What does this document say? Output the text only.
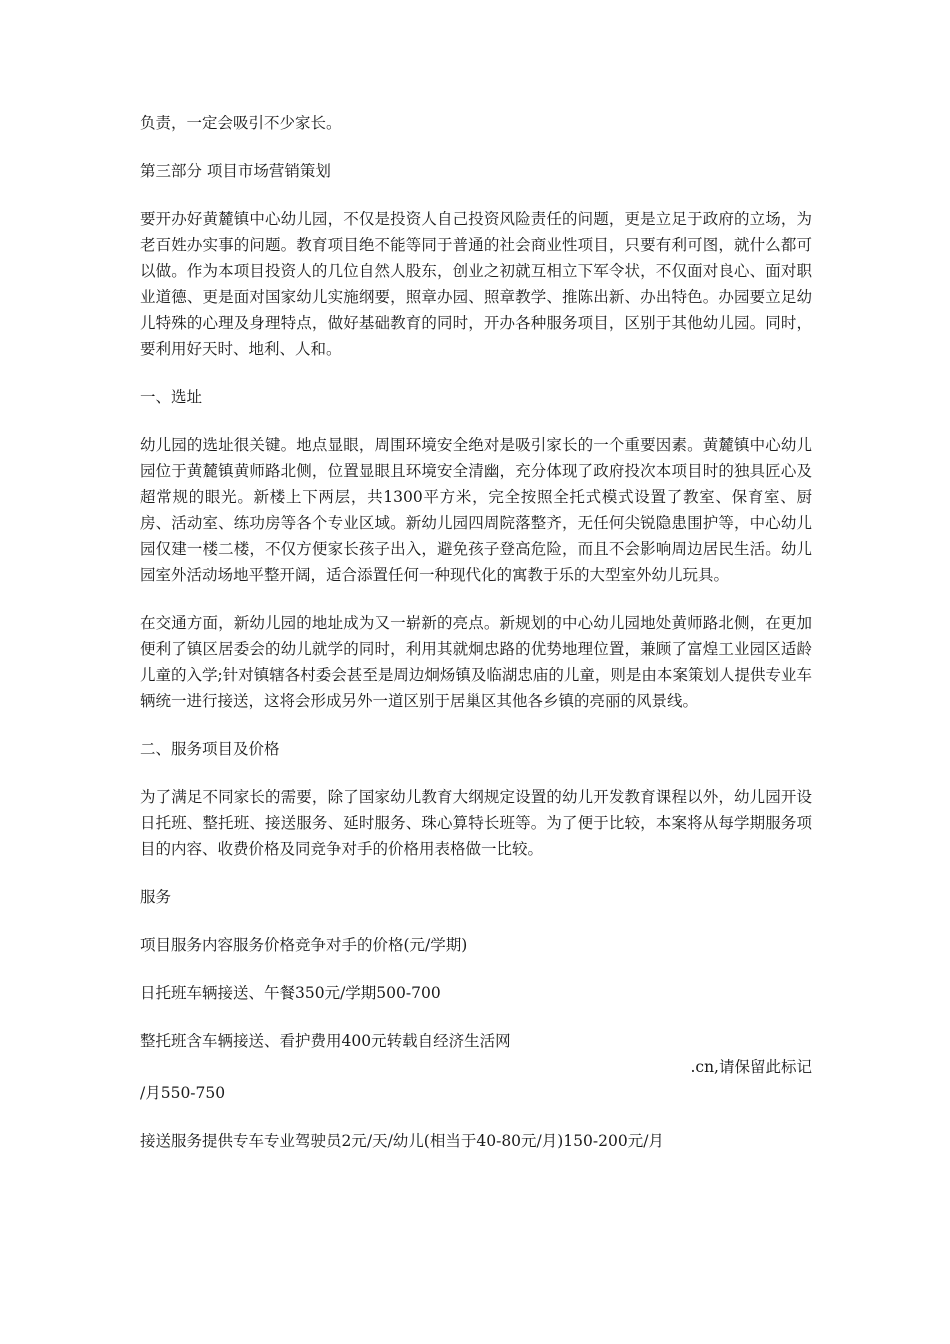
负责，一定会吸引不少家长。

第三部分 项目市场营销策划

要开办好黄麓镇中心幼儿园，不仅是投资人自己投资风险责任的问题，更是立足于政府的立场，为老百姓办实事的问题。教育项目绝不能等同于普通的社会商业性项目，只要有利可图，就什么都可以做。作为本项目投资人的几位自然人股东，创业之初就互相立下军令状，不仅面对良心、面对职业道德、更是面对国家幼儿实施纲要，照章办园、照章教学、推陈出新、办出特色。办园要立足幼儿特殊的心理及身理特点，做好基础教育的同时，开办各种服务项目，区别于其他幼儿园。同时，要利用好天时、地利、人和。

一、选址

幼儿园的选址很关键。地点显眼，周围环境安全绝对是吸引家长的一个重要因素。黄麓镇中心幼儿园位于黄麓镇黄师路北侧，位置显眼且环境安全清幽，充分体现了政府投次本项目时的独具匠心及超常规的眼光。新楼上下两层，共1300平方米，完全按照全托式模式设置了教室、保育室、厨房、活动室、练功房等各个专业区域。新幼儿园四周院落整齐，无任何尖锐隐患围护等，中心幼儿园仅建一楼二楼，不仅方便家长孩子出入，避免孩子登高危险，而且不会影响周边居民生活。幼儿园室外活动场地平整开阔，适合添置任何一种现代化的寓教于乐的大型室外幼儿玩具。

在交通方面，新幼儿园的地址成为又一崭新的亮点。新规划的中心幼儿园地处黄师路北侧，在更加便利了镇区居委会的幼儿就学的同时，利用其就炯忠路的优势地理位置，兼顾了富煌工业园区适龄儿童的入学;针对镇辖各村委会甚至是周边炯炀镇及临湖忠庙的儿童，则是由本案策划人提供专业车辆统一进行接送，这将会形成另外一道区别于居巢区其他各乡镇的亮丽的风景线。

二、服务项目及价格

为了满足不同家长的需要，除了国家幼儿教育大纲规定设置的幼儿开发教育课程以外，幼儿园开设日托班、整托班、接送服务、延时服务、珠心算特长班等。为了便于比较，本案将从每学期服务项目的内容、收费价格及同竞争对手的价格用表格做一比较。

服务

项目服务内容服务价格竞争对手的价格(元/学期)

日托班车辆接送、午餐350元/学期500-700

整托班含车辆接送、看护费用400元转载自经济生活网
.cn,请保留此标记
/月550-750

接送服务提供专车专业驾驶员2元/天/幼儿(相当于40-80元/月)150-200元/月
